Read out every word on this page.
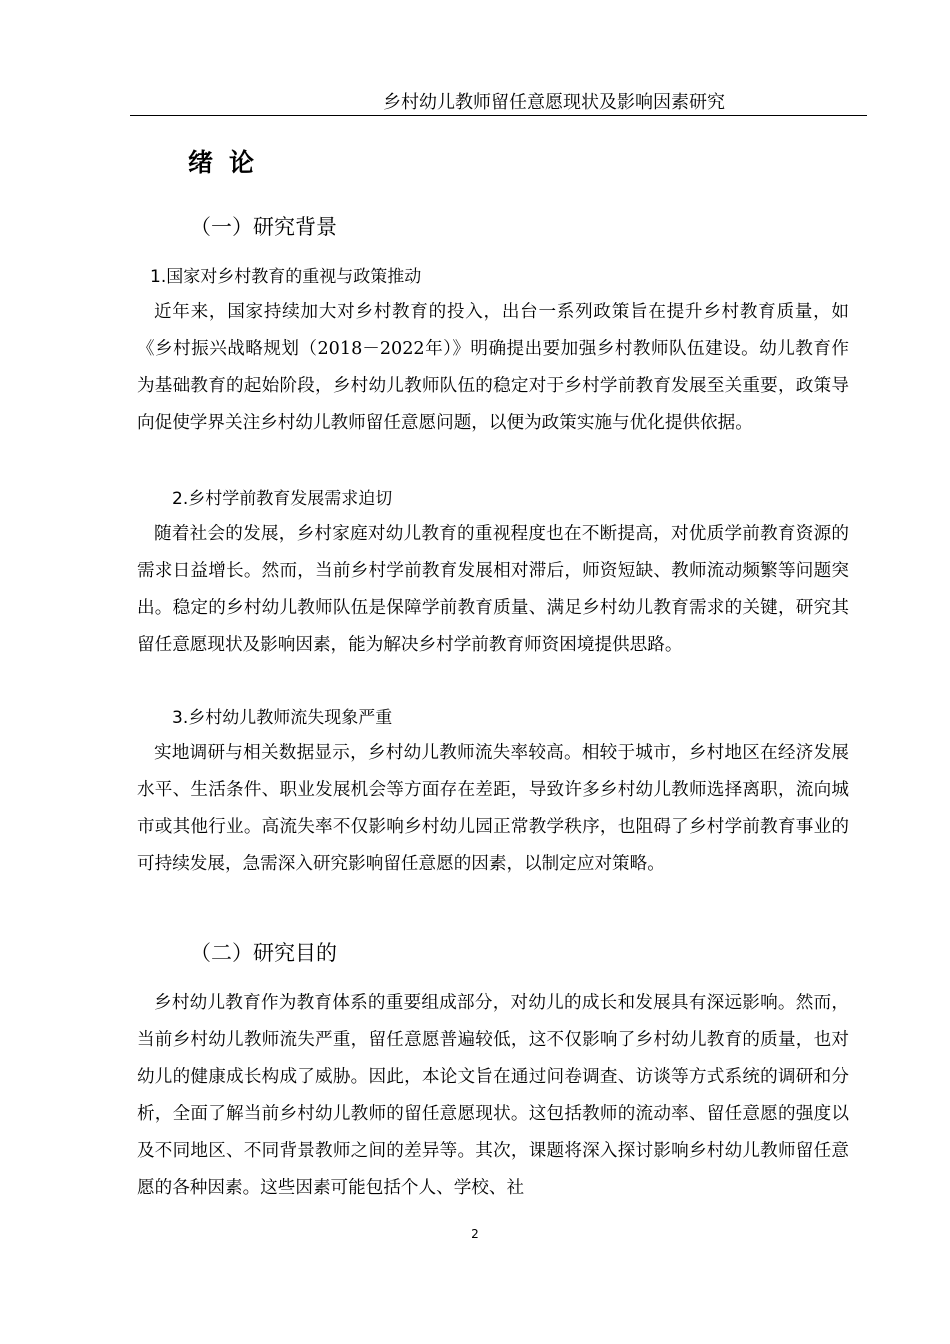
乡村幼儿教师留任意愿现状及影响因素研究
绪论
（一）研究背景
1.国家对乡村教育的重视与政策推动

近年来，国家持续加大对乡村教育的投入，出台一系列政策旨在提升乡村教育质量，如《乡村振兴战略规划（2018－2022年）》明确提出要加强乡村教师队伍建设。幼儿教育作为基础教育的起始阶段，乡村幼儿教师队伍的稳定对于乡村学前教育发展至关重要，政策导向促使学界关注乡村幼儿教师留任意愿问题，以便为政策实施与优化提供依据。

2.乡村学前教育发展需求迫切

随着社会的发展，乡村家庭对幼儿教育的重视程度也在不断提高，对优质学前教育资源的需求日益增长。然而，当前乡村学前教育发展相对滞后，师资短缺、教师流动频繁等问题突出。稳定的乡村幼儿教师队伍是保障学前教育质量、满足乡村幼儿教育需求的关键，研究其留任意愿现状及影响因素，能为解决乡村学前教育师资困境提供思路。

3.乡村幼儿教师流失现象严重

实地调研与相关数据显示，乡村幼儿教师流失率较高。相较于城市，乡村地区在经济发展水平、生活条件、职业发展机会等方面存在差距，导致许多乡村幼儿教师选择离职，流向城市或其他行业。高流失率不仅影响乡村幼儿园正常教学秩序，也阻碍了乡村学前教育事业的可持续发展，急需深入研究影响留任意愿的因素，以制定应对策略。

（二）研究目的

乡村幼儿教育作为教育体系的重要组成部分，对幼儿的成长和发展具有深远影响。然而，当前乡村幼儿教师流失严重，留任意愿普遍较低，这不仅影响了乡村幼儿教育的质量，也对幼儿的健康成长构成了威胁。因此，本论文旨在通过问卷调查、访谈等方式系统的调研和分析，全面了解当前乡村幼儿教师的留任意愿现状。这包括教师的流动率、留任意愿的强度以及不同地区、不同背景教师之间的差异等。其次，课题将深入探讨影响乡村幼儿教师留任意愿的各种因素。这些因素可能包括个人、学校、社

2
